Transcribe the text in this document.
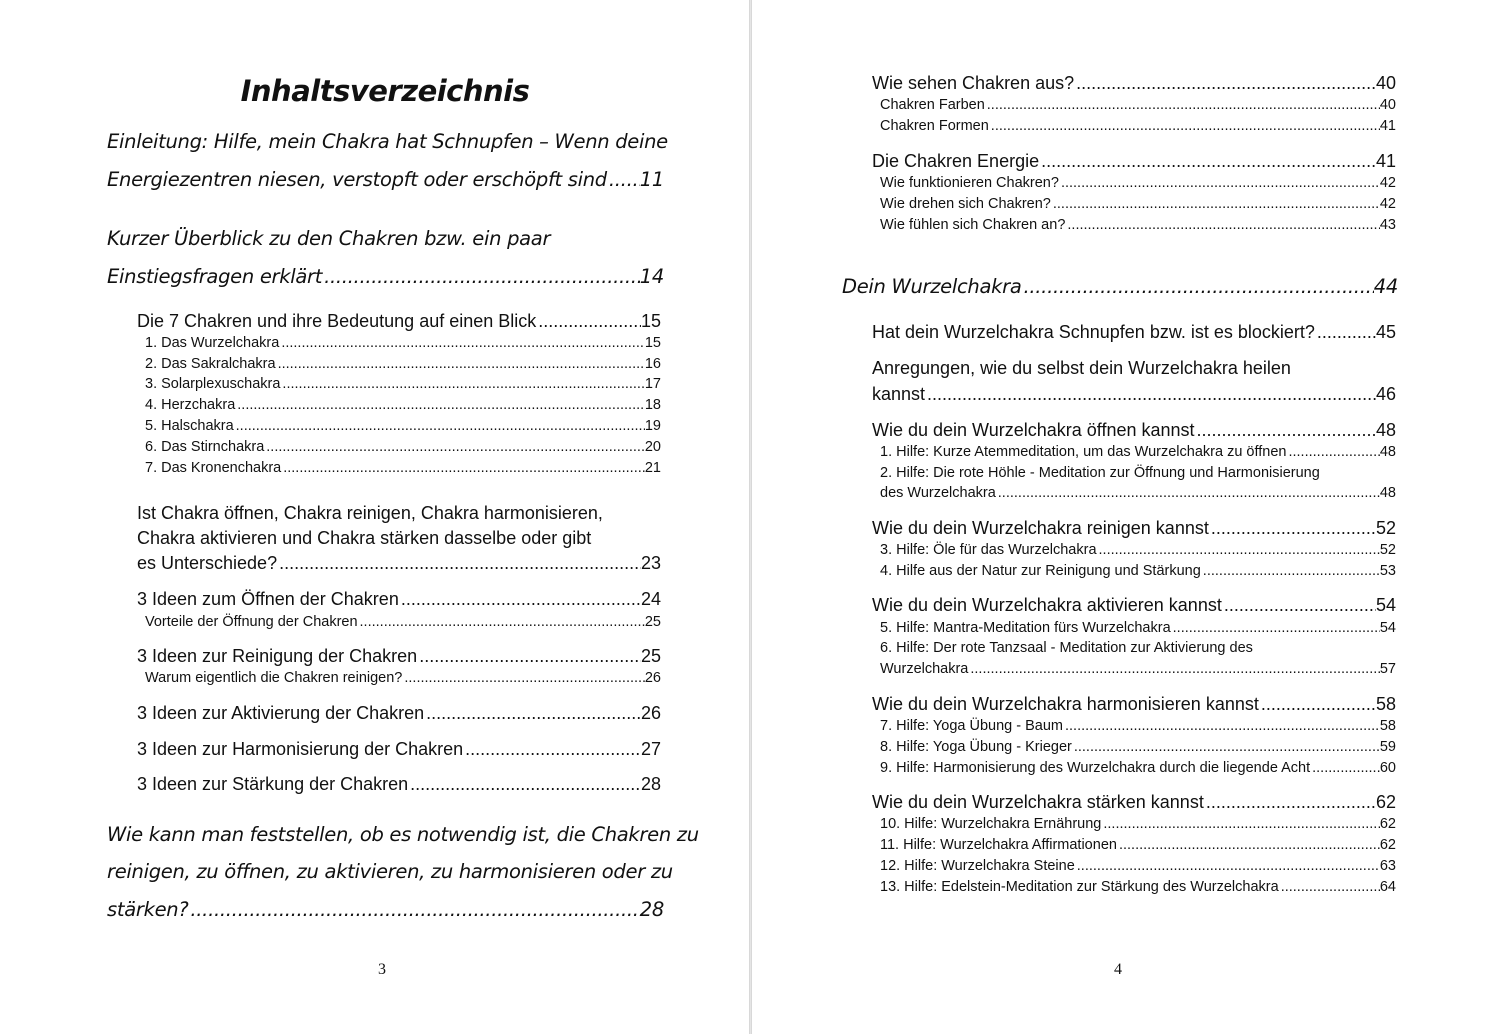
Inhaltsverzeichnis
Einleitung: Hilfe, mein Chakra hat Schnupfen – Wenn deine
Energiezentren niesen, verstopft oder erschöpft sind ..... 11
Kurzer Überblick zu den Chakren bzw. ein paar
Einstiegsfragen erklärt .....	14
Die 7 Chakren und ihre Bedeutung auf einen Blick .....	15
1. Das Wurzelchakra .....	15
2. Das Sakralchakra .....	16
3. Solarplexuschakra .....	17
4. Herzchakra .....	18
5. Halschakra .....	19
6. Das Stirnchakra .....	20
7. Das Kronenchakra .....	21
Ist Chakra öffnen, Chakra reinigen, Chakra harmonisieren,
Chakra aktivieren und Chakra stärken dasselbe oder gibt
es Unterschiede? .....	23
3 Ideen zum Öffnen der Chakren .....	24
Vorteile der Öffnung der Chakren .....	25
3 Ideen zur Reinigung der Chakren .....	25
Warum eigentlich die Chakren reinigen? .....	26
3 Ideen zur Aktivierung der Chakren .....	26
3 Ideen zur Harmonisierung der Chakren .....	27
3 Ideen zur Stärkung der Chakren .....	28
Wie kann man feststellen, ob es notwendig ist, die Chakren zu
reinigen, zu öffnen, zu aktivieren, zu harmonisieren oder zu
stärken? .....	28
3
Wie sehen Chakren aus? .....	40
Chakren Farben .....	40
Chakren Formen .....	41
Die Chakren Energie .....	41
Wie funktionieren Chakren? .....	42
Wie drehen sich Chakren? .....	42
Wie fühlen sich Chakren an? .....	43
Dein Wurzelchakra .....	44
Hat dein Wurzelchakra Schnupfen bzw. ist es blockiert? .....	45
Anregungen, wie du selbst dein Wurzelchakra heilen
kannst .....	46
Wie du dein Wurzelchakra öffnen kannst .....	48
1. Hilfe: Kurze Atemmeditation, um das Wurzelchakra zu öffnen .....	48
2. Hilfe: Die rote Höhle - Meditation zur Öffnung und Harmonisierung
des Wurzelchakra .....	48
Wie du dein Wurzelchakra reinigen kannst .....	52
3. Hilfe: Öle für das Wurzelchakra .....	52
4. Hilfe aus der Natur zur Reinigung und Stärkung .....	53
Wie du dein Wurzelchakra aktivieren kannst .....	54
5. Hilfe: Mantra-Meditation fürs Wurzelchakra .....	54
6. Hilfe: Der rote Tanzsaal - Meditation zur Aktivierung des
Wurzelchakra .....	57
Wie du dein Wurzelchakra harmonisieren kannst .....	58
7. Hilfe: Yoga Übung - Baum .....	58
8. Hilfe: Yoga Übung - Krieger .....	59
9. Hilfe: Harmonisierung des Wurzelchakra durch die liegende Acht .....	60
Wie du dein Wurzelchakra stärken kannst .....	62
10. Hilfe: Wurzelchakra Ernährung .....	62
11. Hilfe: Wurzelchakra Affirmationen .....	62
12. Hilfe: Wurzelchakra Steine .....	63
13. Hilfe: Edelstein-Meditation zur Stärkung des Wurzelchakra .....	64
4
